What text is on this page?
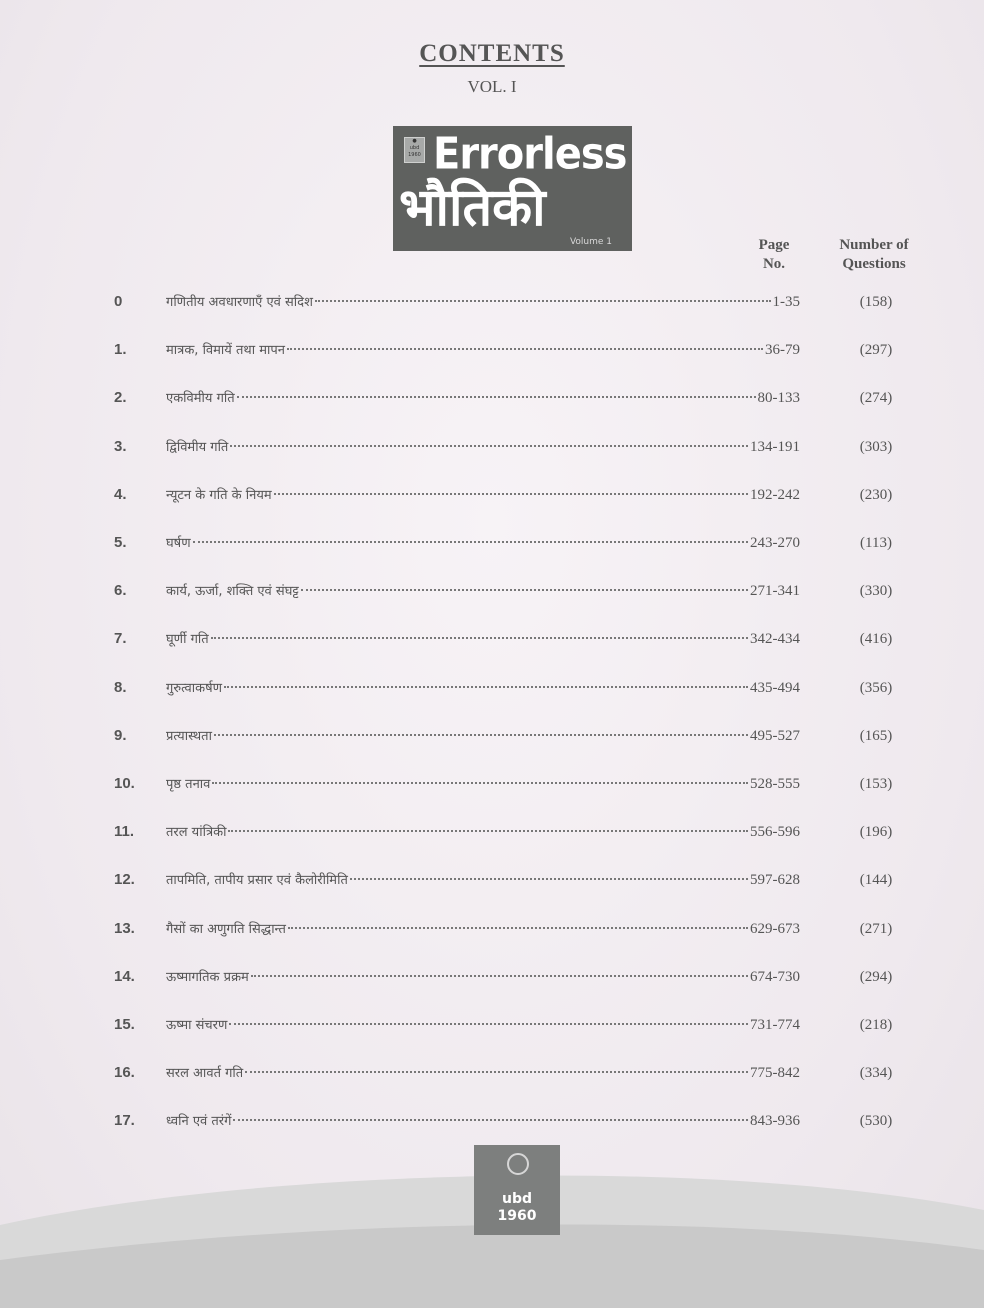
CONTENTS
VOL. I
●
ubd
1960 Errorless
भौतिकी
Volume 1	Page
No.
Number of
Questions
0	गणितीय अवधारणाएँ एवं सदिश	1-35	(158)
1.	मात्रक, विमायें तथा मापन	36-79	(297)
2.	एकविमीय गति	80-133	(274)
3.	द्विविमीय गति	134-191	(303)
4.	न्यूटन के गति के नियम	192-242	(230)
5.	घर्षण	243-270	(113)
6.	कार्य, ऊर्जा, शक्ति एवं संघट्ट	271-341	(330)
7.	घूर्णी गति	342-434	(416)
8.	गुरुत्वाकर्षण	435-494	(356)
9.	प्रत्यास्थता	495-527	(165)
10. पृष्ठ तनाव	528-555	(153)
11. तरल यांत्रिकी	556-596	(196)
12. तापमिति, तापीय प्रसार एवं कैलोरीमिति	597-628	(144)
13. गैसों का अणुगति सिद्धान्त	629-673	(271)
14. ऊष्मागतिक प्रक्रम	674-730	(294)
15. ऊष्मा संचरण	731-774	(218)
16. सरल आवर्त गति	775-842	(334)
17. ध्वनि एवं तरंगें	843-936	(530)
ubd
1960
